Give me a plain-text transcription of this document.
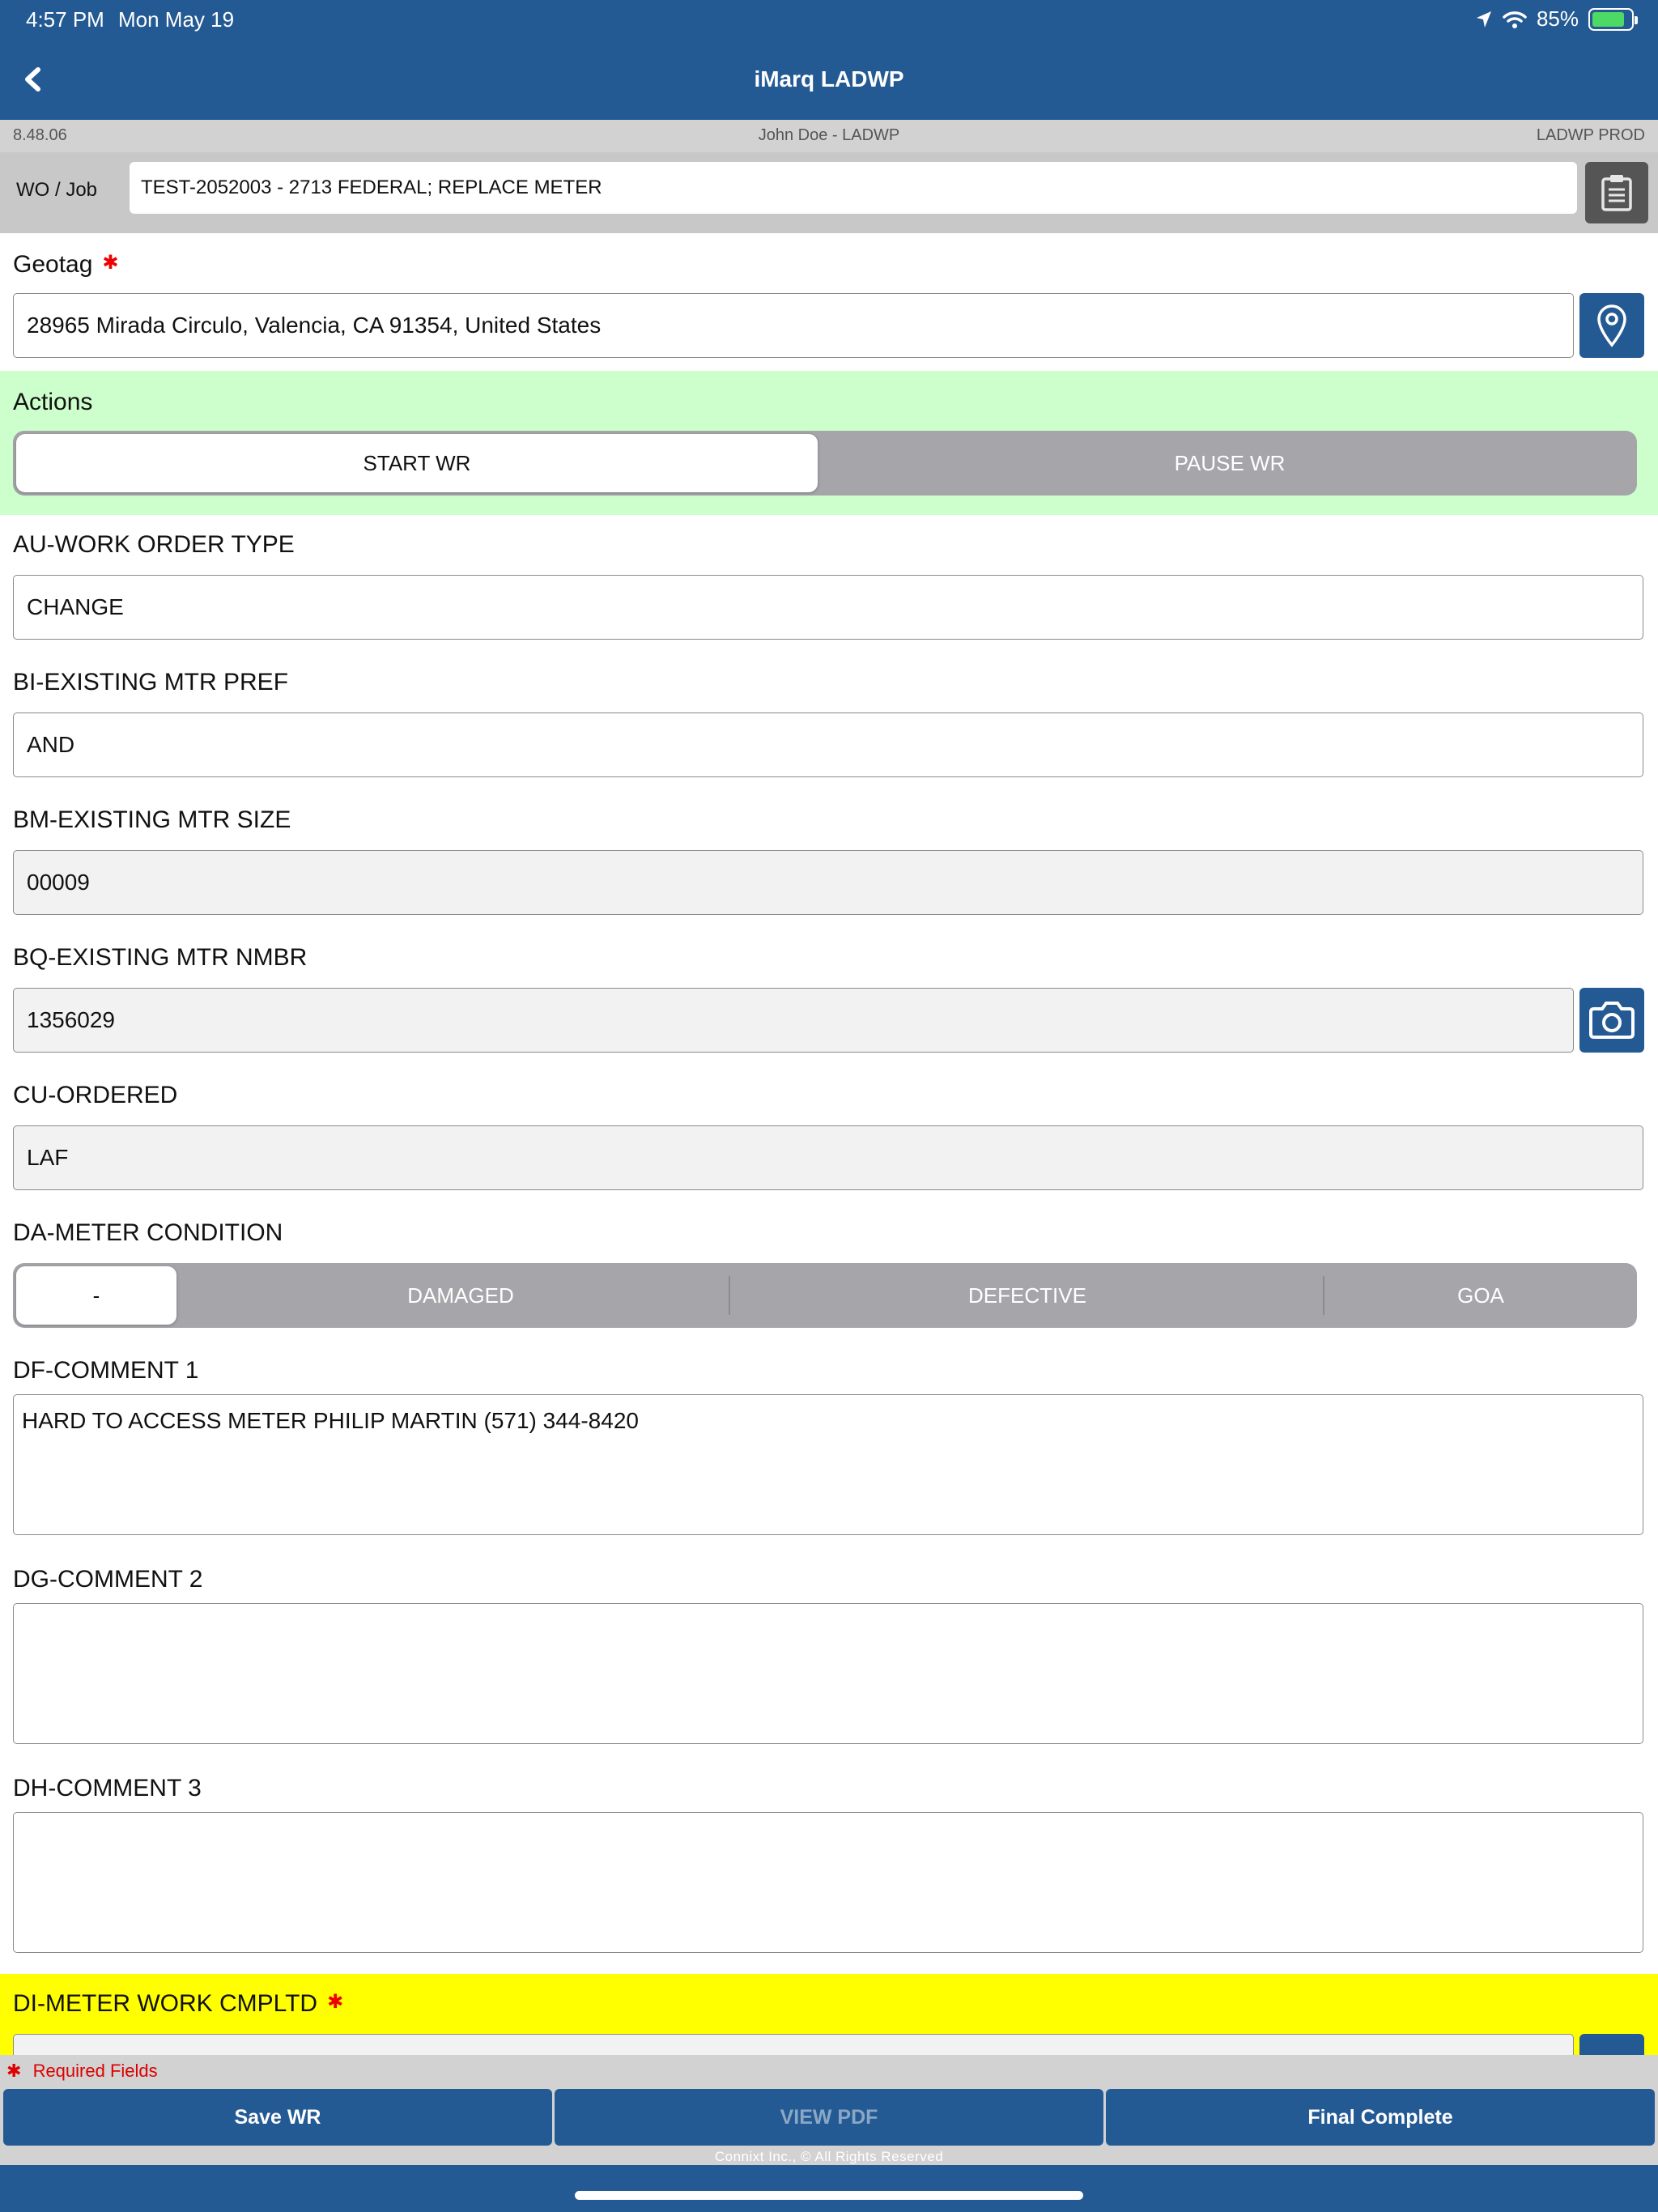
4:57 PM Mon May 19	85%
iMarq LADWP
8.48.06	John Doe - LADWP	LADWP PROD
WO / Job	TEST-2052003 - 2713 FEDERAL; REPLACE METER
Geotag ✱
28965 Mirada Circulo, Valencia, CA 91354, United States
Actions
START WR	PAUSE WR
AU-WORK ORDER TYPE
CHANGE
BI-EXISTING MTR PREF
AND
BM-EXISTING MTR SIZE
00009
BQ-EXISTING MTR NMBR
1356029
CU-ORDERED
LAF
DA-METER CONDITION
-	DAMAGED	DEFECTIVE	GOA
DF-COMMENT 1
HARD TO ACCESS METER PHILIP MARTIN (571) 344-8420
DG-COMMENT 2
DH-COMMENT 3
DI-METER WORK CMPLTD ✱
✱ Required Fields
Save WR	VIEW PDF	Final Complete
Connixt Inc., © All Rights Reserved
